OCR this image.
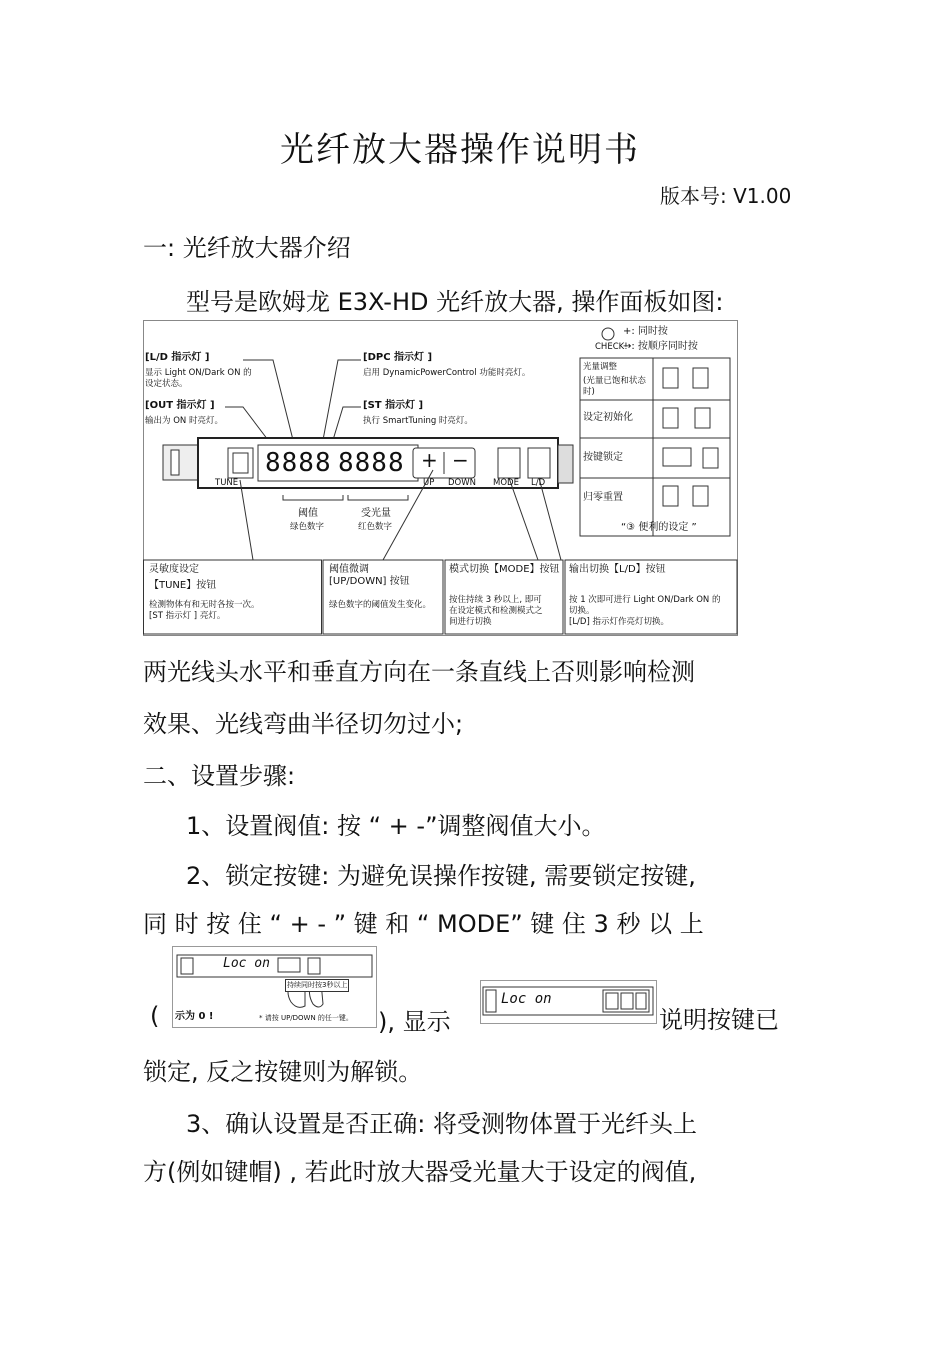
光纤放大器操作说明书
版本号: V1.00
一: 光纤放大器介绍
型号是欧姆龙 E3X-HD 光纤放大器, 操作面板如图:
[L/D 指示灯 ]
显示 Light ON/Dark ON 的
设定状态。
[OUT 指示灯 ]
输出为 ON 时亮灯。
[DPC 指示灯 ]
启用 DynamicPowerControl 功能时亮灯。
[ST 指示灯 ]
执行 SmartTuning 时亮灯。
CHECK!
+: 同时按
→: 按顺序同时按
光量调整
(光量已饱和状态时)
设定初始化
按键锁定
归零重置
8888 8888
TUNE
+ −
UP DOWN MODE L/D
阈值
绿色数字
受光量
红色数字	“③ 便利的设定 ”
灵敏度设定
【TUNE】按钮
检测物体有和无时各按一次。
[ST 指示灯 ] 亮灯。
阈值微调
[UP/DOWN] 按钮
绿色数字的阈值发生变化。
模式切换【MODE】按钮
按住持续 3 秒以上, 即可
在设定模式和检测模式之
间进行切换
输出切换【L/D】按钮
按 1 次即可进行 Light ON/Dark ON 的
切换。
[L/D] 指示灯作亮灯切换。
两光线头水平和垂直方向在一条直线上否则影响检测
效果、光线弯曲半径切勿过小;
二、设置步骤:
1、设置阀值: 按 “ + -”调整阀值大小。
2、锁定按键: 为避免误操作按键, 需要锁定按键,
同 时 按 住 “ + - ” 键 和 “ MODE” 键 住 3 秒 以 上
(
Loc on
持续同时按3秒以上
示为 0 !	* 请按 UP/DOWN 的任一键。 ), 显示
Loc on
说明按键已
锁定, 反之按键则为解锁。
3、确认设置是否正确: 将受测物体置于光纤头上
方(例如键帽) , 若此时放大器受光量大于设定的阀值,
